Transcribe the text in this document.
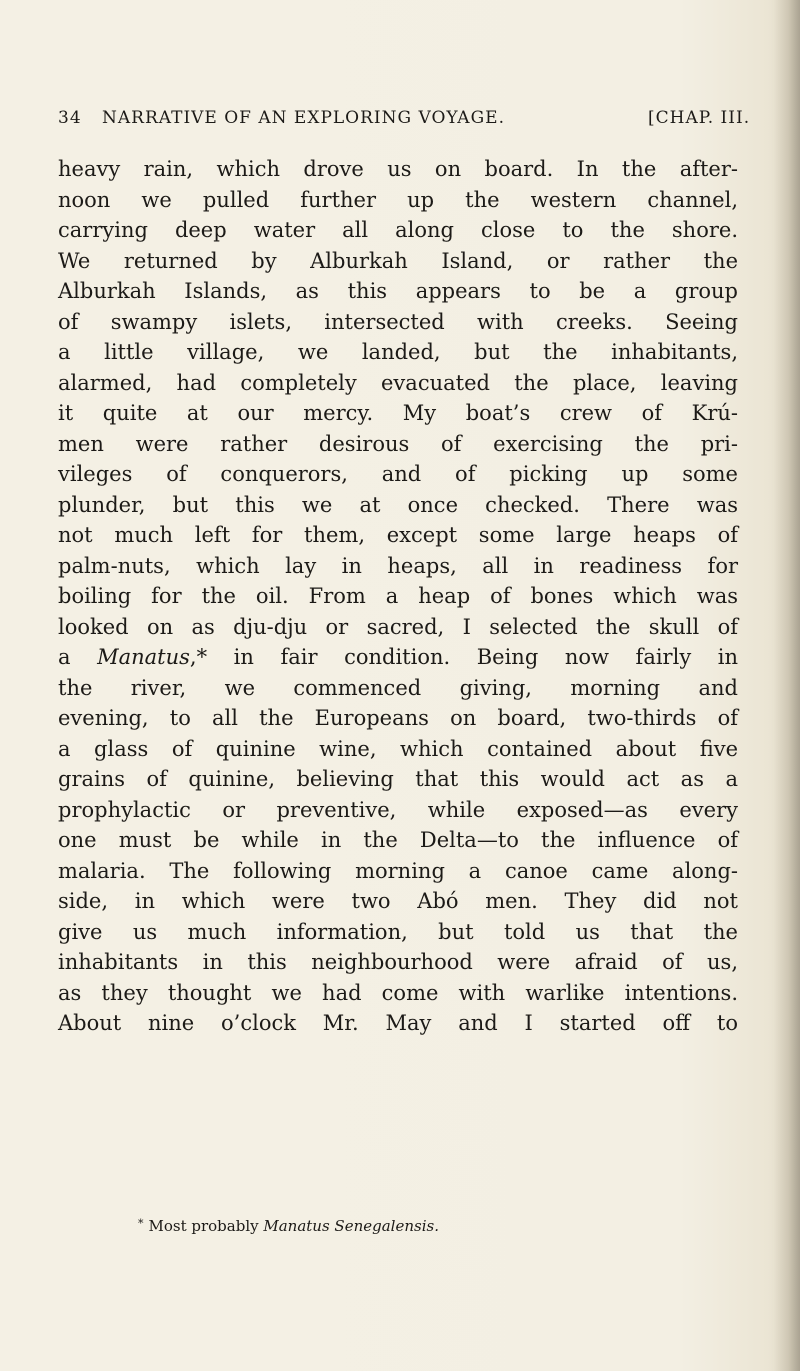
34 NARRATIVE OF AN EXPLORING VOYAGE.	[CHAP. III.
heavy rain, which drove us on board. In the after-
noon we pulled further up the western channel,
carrying deep water all along close to the shore.
We returned by Alburkah Island, or rather the
Alburkah Islands, as this appears to be a group
of swampy islets, intersected with creeks. Seeing
a little village, we landed, but the inhabitants,
alarmed, had completely evacuated the place, leaving
it quite at our mercy. My boat’s crew of Krú-
men were rather desirous of exercising the pri-
vileges of conquerors, and of picking up some
plunder, but this we at once checked. There was
not much left for them, except some large heaps of
palm-nuts, which lay in heaps, all in readiness for
boiling for the oil. From a heap of bones which was
looked on as dju-dju or sacred, I selected the skull of
a Manatus,* in fair condition. Being now fairly in
the river, we commenced giving, morning and
evening, to all the Europeans on board, two-thirds of
a glass of quinine wine, which contained about five
grains of quinine, believing that this would act as a
prophylactic or preventive, while exposed—as every
one must be while in the Delta—to the influence of
malaria. The following morning a canoe came along-
side, in which were two Abó men. They did not
give us much information, but told us that the
inhabitants in this neighbourhood were afraid of us,
as they thought we had come with warlike intentions.
About nine o’clock Mr. May and I started off to
* Most probably Manatus Senegalensis.
